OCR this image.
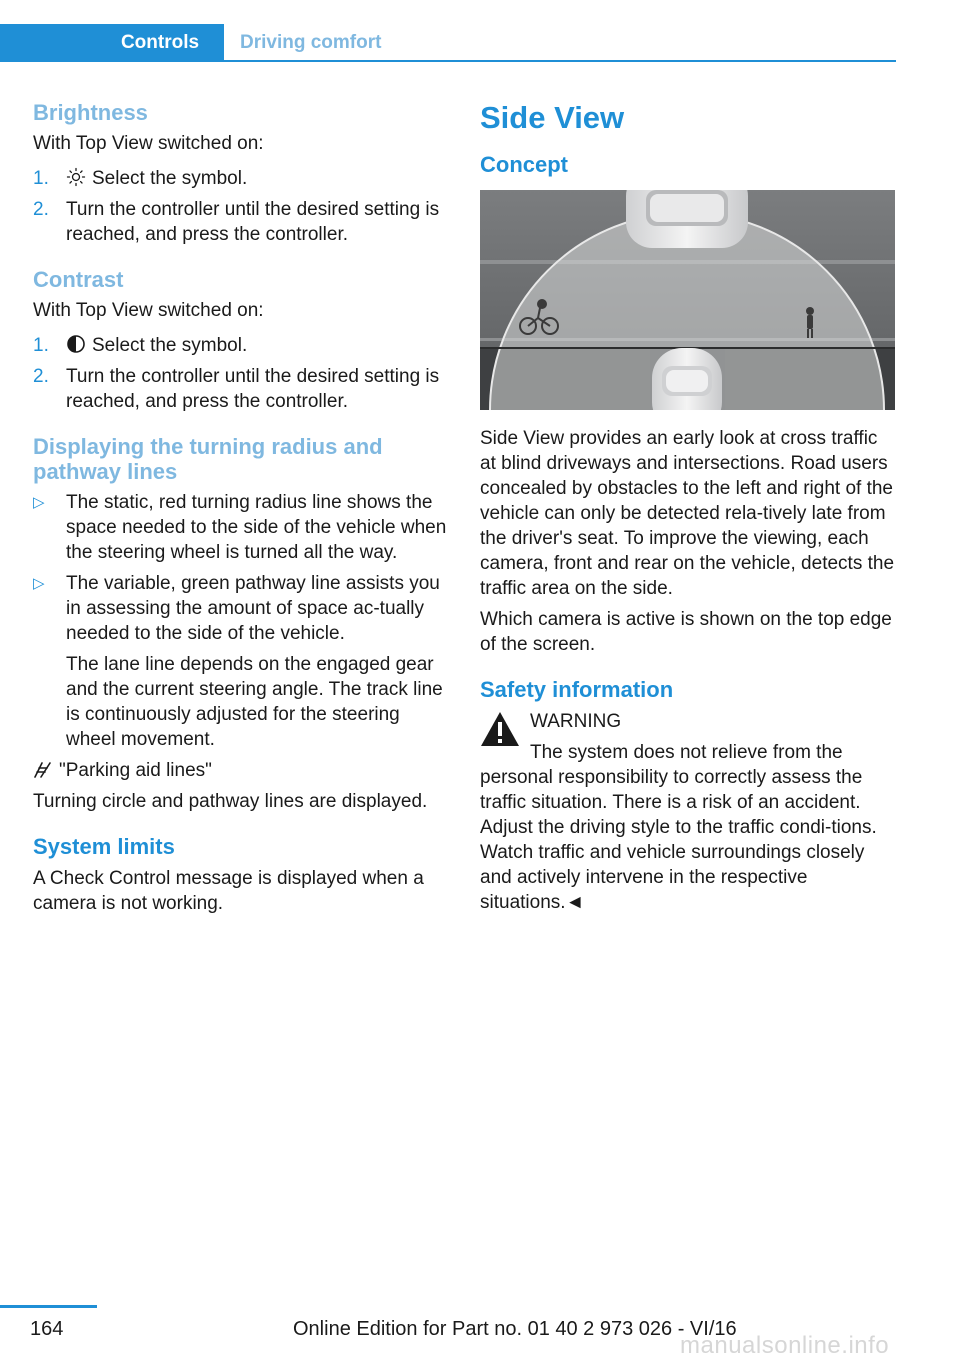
Controls	Driving comfort
Brightness

With Top View switched on:

1. Select the symbol.
2. Turn the controller until the desired setting is reached, and press the controller.
Contrast

With Top View switched on:

1. Select the symbol.
2. Turn the controller until the desired setting is reached, and press the controller.
Displaying the turning radius and pathway lines
▷ The static, red turning radius line shows the space needed to the side of the vehicle when the steering wheel is turned all the way.
▷ The variable, green pathway line assists you in assessing the amount of space ac‐tually needed to the side of the vehicle.
The lane line depends on the engaged gear and the current steering angle. The track line is continuously adjusted for the steering wheel movement.

"Parking aid lines"

Turning circle and pathway lines are displayed.

System limits

A Check Control message is displayed when a camera is not working.

Side View
Concept

Side View provides an early look at cross traffic at blind driveways and intersections. Road users concealed by obstacles to the left and right of the vehicle can only be detected rela‐tively late from the driver's seat. To improve the viewing, each camera, front and rear on the vehicle, detects the traffic area on the side.

Which camera is active is shown on the top edge of the screen.

Safety information

WARNING

The system does not relieve from the

personal responsibility to correctly assess the traffic situation. There is a risk of an accident. Adjust the driving style to the traffic condi‐tions. Watch traffic and vehicle surroundings closely and actively intervene in the respective situations.◄

164	Online Edition for Part no. 01 40 2 973 026 - VI/16
manualsonline.info
